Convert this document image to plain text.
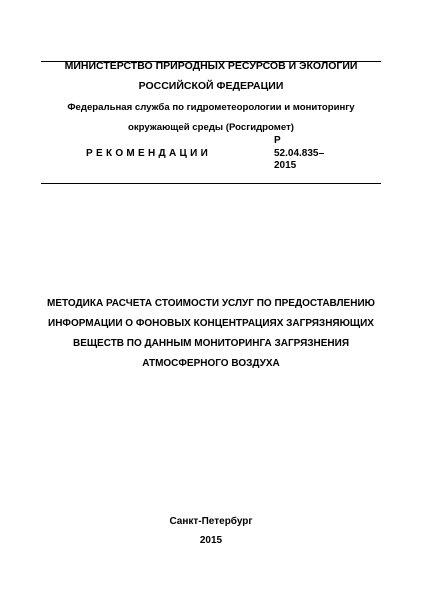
МИНИСТЕРСТВО ПРИРОДНЫХ РЕСУРСОВ И ЭКОЛОГИИ
РОССИЙСКОЙ ФЕДЕРАЦИИ
Федеральная служба по гидрометеорологии и мониторингу
окружающей среды (Росгидромет)
РЕКОМЕНДАЦИИ
Р
52.04.835–
2015
МЕТОДИКА РАСЧЕТА СТОИМОСТИ УСЛУГ ПО ПРЕДОСТАВЛЕНИЮ
ИНФОРМАЦИИ О ФОНОВЫХ КОНЦЕНТРАЦИЯХ ЗАГРЯЗНЯЮЩИХ
ВЕЩЕСТВ ПО ДАННЫМ МОНИТОРИНГА ЗАГРЯЗНЕНИЯ
АТМОСФЕРНОГО ВОЗДУХА
Санкт-Петербург
2015
